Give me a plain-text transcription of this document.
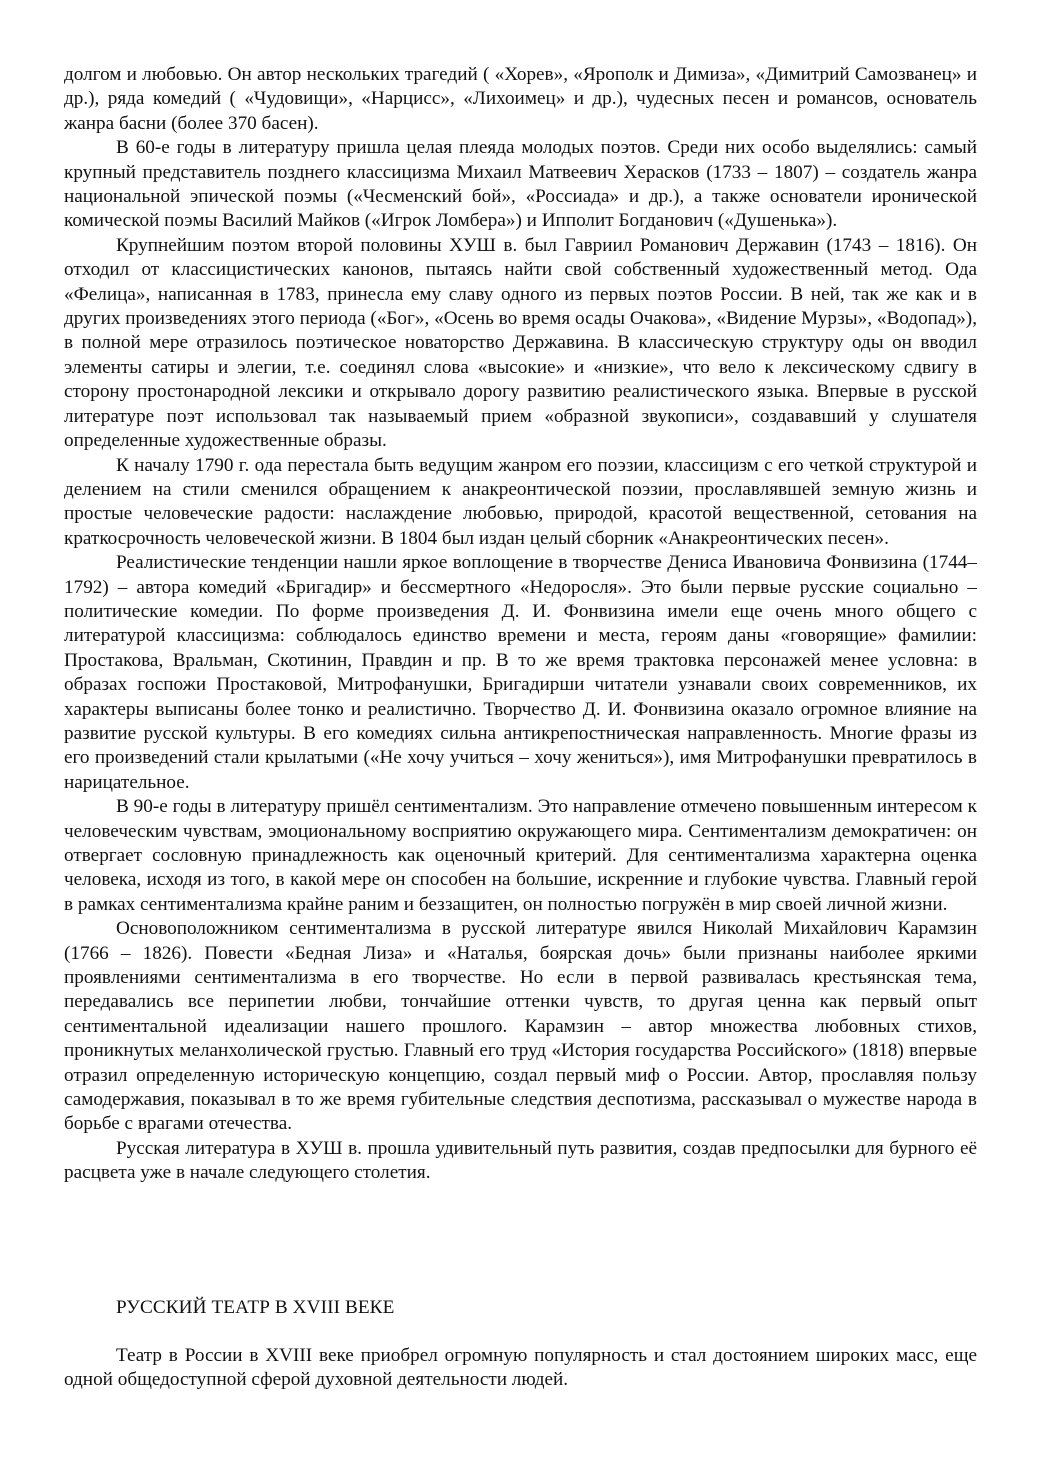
долгом и любовью. Он автор нескольких трагедий ( «Хорев», «Ярополк и Димиза», «Димитрий Самозванец» и др.), ряда комедий ( «Чудовищи», «Нарцисс», «Лихоимец» и др.), чудесных песен и романсов, основатель жанра басни (более 370 басен).

В 60-е годы в литературу пришла целая плеяда молодых поэтов. Среди них особо выделялись: самый крупный представитель позднего классицизма Михаил Матвеевич Херасков (1733 – 1807) – создатель жанра национальной эпической поэмы («Чесменский бой», «Россиада» и др.), а также основатели иронической комической поэмы Василий Майков («Игрок Ломбера») и Ипполит Богданович («Душенька»).

Крупнейшим поэтом второй половины ХУШ в. был Гавриил Романович Державин (1743 – 1816). Он отходил от классицистических канонов, пытаясь найти свой собственный художественный метод. Ода «Фелица», написанная в 1783, принесла ему славу одного из первых поэтов России. В ней, так же как и в других произведениях этого периода («Бог», «Осень во время осады Очакова», «Видение Мурзы», «Водопад»), в полной мере отразилось поэтическое новаторство Державина. В классическую структуру оды он вводил элементы сатиры и элегии, т.е. соединял слова «высокие» и «низкие», что вело к лексическому сдвигу в сторону простонародной лексики и открывало дорогу развитию реалистического языка. Впервые в русской литературе поэт использовал так называемый прием «образной звукописи», создававший у слушателя определенные художественные образы.

К началу 1790 г. ода перестала быть ведущим жанром его поэзии, классицизм с его четкой структурой и делением на стили сменился обращением к анакреонтической поэзии, прославлявшей земную жизнь и простые человеческие радости: наслаждение любовью, природой, красотой вещественной, сетования на краткосрочность человеческой жизни. В 1804 был издан целый сборник «Анакреонтических песен».

Реалистические тенденции нашли яркое воплощение в творчестве Дениса Ивановича Фонвизина (1744–1792) – автора комедий «Бригадир» и бессмертного «Недоросля». Это были первые русские социально – политические комедии. По форме произведения Д. И. Фонвизина имели еще очень много общего с литературой классицизма: соблюдалось единство времени и места, героям даны «говорящие» фамилии: Простакова, Вральман, Скотинин, Правдин и пр. В то же время трактовка персонажей менее условна: в образах госпожи Простаковой, Митрофанушки, Бригадирши читатели узнавали своих современников, их характеры выписаны более тонко и реалистично. Творчество Д. И. Фонвизина оказало огромное влияние на развитие русской культуры. В его комедиях сильна антикрепостническая направленность. Многие фразы из его произведений стали крылатыми («Не хочу учиться – хочу жениться»), имя Митрофанушки превратилось в нарицательное.

В 90-е годы в литературу пришёл сентиментализм. Это направление отмечено повышенным интересом к человеческим чувствам, эмоциональному восприятию окружающего мира. Сентиментализм демократичен: он отвергает сословную принадлежность как оценочный критерий. Для сентиментализма характерна оценка человека, исходя из того, в какой мере он способен на большие, искренние и глубокие чувства. Главный герой в рамках сентиментализма крайне раним и беззащитен, он полностью погружён в мир своей личной жизни.

Основоположником сентиментализма в русской литературе явился Николай Михайлович Карамзин (1766 – 1826). Повести «Бедная Лиза» и «Наталья, боярская дочь» были признаны наиболее яркими проявлениями сентиментализма в его творчестве. Но если в первой развивалась крестьянская тема, передавались все перипетии любви, тончайшие оттенки чувств, то другая ценна как первый опыт сентиментальной идеализации нашего прошлого. Карамзин – автор множества любовных стихов, проникнутых меланхолической грустью. Главный его труд «История государства Российского» (1818) впервые отразил определенную историческую концепцию, создал первый миф о России. Автор, прославляя пользу самодержавия, показывал в то же время губительные следствия деспотизма, рассказывал о мужестве народа в борьбе с врагами отечества.

Русская литература в ХУШ в. прошла удивительный путь развития, создав предпосылки для бурного её расцвета уже в начале следующего столетия.

РУССКИЙ ТЕАТР В XVIII ВЕКЕ

Театр в России в XVIII веке приобрел огромную популярность и стал достоянием широких масс, еще одной общедоступной сферой духовной деятельности людей.
